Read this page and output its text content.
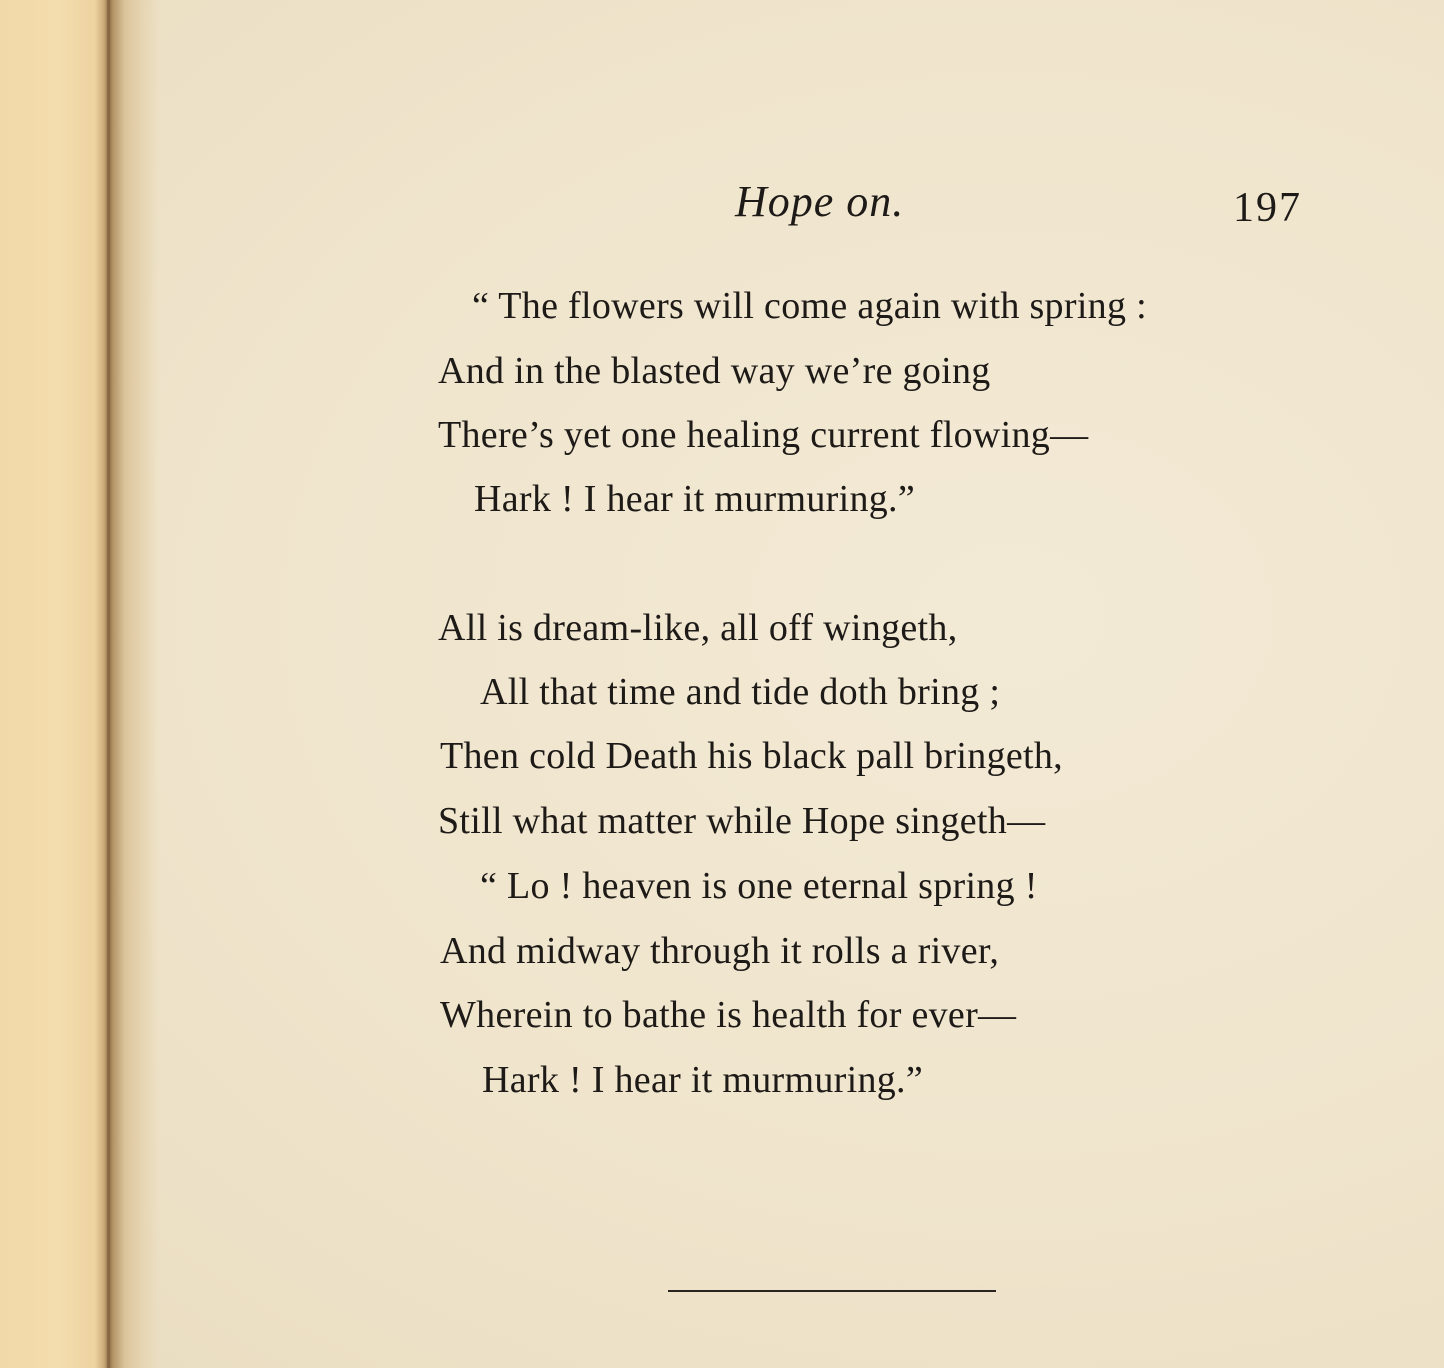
Hope on.	197
“ The flowers will come again with spring :
And in the blasted way we’re going
There’s yet one healing current flowing—
Hark ! I hear it murmuring.”
All is dream-like, all off wingeth,
All that time and tide doth bring ;
Then cold Death his black pall bringeth,
Still what matter while Hope singeth—
“ Lo ! heaven is one eternal spring !
And midway through it rolls a river,
Wherein to bathe is health for ever—
Hark ! I hear it murmuring.”
